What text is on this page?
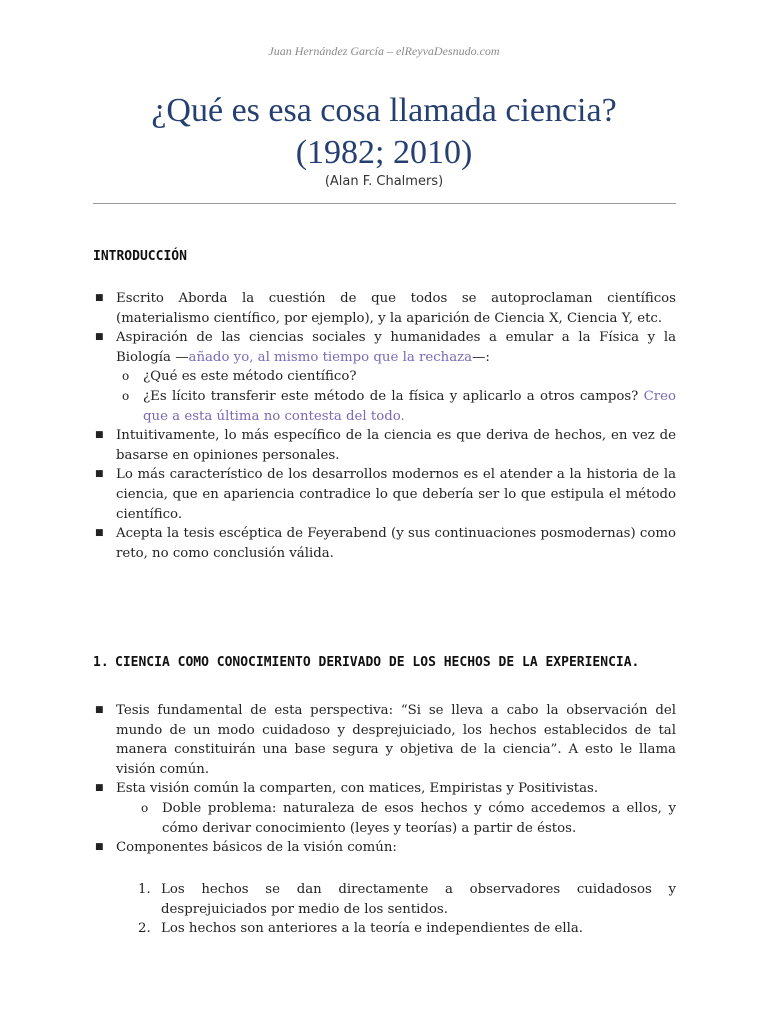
Juan Hernández García – elReyvaDesnudo.com
¿Qué es esa cosa llamada ciencia?
(1982; 2010)
(Alan F. Chalmers)
INTRODUCCIÓN
■ Escrito Aborda la cuestión de que todos se autoproclaman científicos (materialismo científico, por ejemplo), y la aparición de Ciencia X, Ciencia Y, etc.
■ Aspiración de las ciencias sociales y humanidades a emular a la Física y la Biología —añado yo, al mismo tiempo que la rechaza—:
o ¿Qué es este método científico?
o ¿Es lícito transferir este método de la física y aplicarlo a otros campos? Creo que a esta última no contesta del todo.
■ Intuitivamente, lo más específico de la ciencia es que deriva de hechos, en vez de basarse en opiniones personales.
■ Lo más característico de los desarrollos modernos es el atender a la historia de la ciencia, que en apariencia contradice lo que debería ser lo que estipula el método científico.
■ Acepta la tesis escéptica de Feyerabend (y sus continuaciones posmodernas) como reto, no como conclusión válida.
1. CIENCIA COMO CONOCIMIENTO DERIVADO DE LOS HECHOS DE LA EXPERIENCIA.
■ Tesis fundamental de esta perspectiva: “Si se lleva a cabo la observación del mundo de un modo cuidadoso y desprejuiciado, los hechos establecidos de tal manera constituirán una base segura y objetiva de la ciencia”. A esto le llama visión común.
■ Esta visión común la comparten, con matices, Empiristas y Positivistas.
o Doble problema: naturaleza de esos hechos y cómo accedemos a ellos, y cómo derivar conocimiento (leyes y teorías) a partir de éstos.
■ Componentes básicos de la visión común:
1. Los hechos se dan directamente a observadores cuidadosos y desprejuiciados por medio de los sentidos.
2. Los hechos son anteriores a la teoría e independientes de ella.
